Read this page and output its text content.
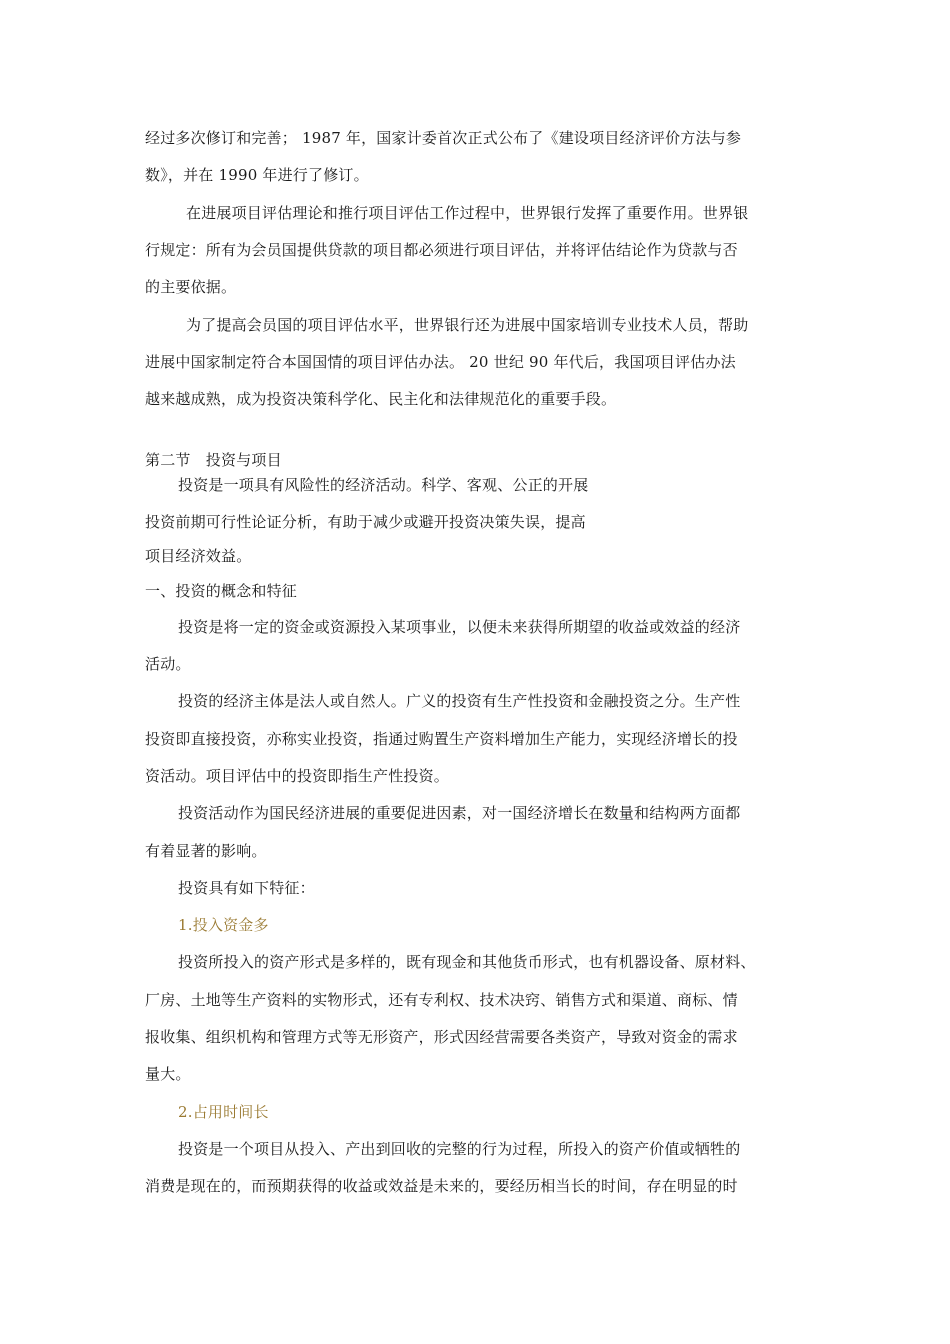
经过多次修订和完善； 1987 年，国家计委首次正式公布了《建设项目经济评价方法与参
数》，并在 1990 年进行了修订。
在进展项目评估理论和推行项目评估工作过程中，世界银行发挥了重要作用。世界银
行规定：所有为会员国提供贷款的项目都必须进行项目评估，并将评估结论作为贷款与否
的主要依据。
为了提高会员国的项目评估水平，世界银行还为进展中国家培训专业技术人员，帮助
进展中国家制定符合本国国情的项目评估办法。 20 世纪 90 年代后，我国项目评估办法
越来越成熟，成为投资决策科学化、民主化和法律规范化的重要手段。
第二节　投资与项目
投资是一项具有风险性的经济活动。科学、客观、公正的开展
投资前期可行性论证分析，有助于减少或避开投资决策失误，提高
项目经济效益。
一、投资的概念和特征
投资是将一定的资金或资源投入某项事业，以便未来获得所期望的收益或效益的经济
活动。
投资的经济主体是法人或自然人。广义的投资有生产性投资和金融投资之分。生产性
投资即直接投资，亦称实业投资，指通过购置生产资料增加生产能力，实现经济增长的投
资活动。项目评估中的投资即指生产性投资。
投资活动作为国民经济进展的重要促进因素，对一国经济增长在数量和结构两方面都
有着显著的影响。
投资具有如下特征：
1.投入资金多
投资所投入的资产形式是多样的，既有现金和其他货币形式，也有机器设备、原材料、
厂房、土地等生产资料的实物形式，还有专利权、技术决窍、销售方式和渠道、商标、情
报收集、组织机构和管理方式等无形资产，形式因经营需要各类资产，导致对资金的需求
量大。
2.占用时间长
投资是一个项目从投入、产出到回收的完整的行为过程，所投入的资产价值或牺牲的
消费是现在的，而预期获得的收益或效益是未来的，要经历相当长的时间，存在明显的时
